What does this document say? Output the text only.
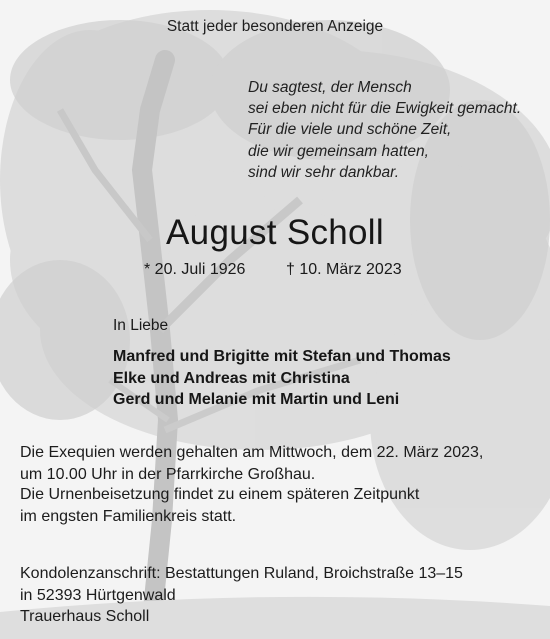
Statt jeder besonderen Anzeige
Du sagtest, der Mensch
sei eben nicht für die Ewigkeit gemacht.
Für die viele und schöne Zeit,
die wir gemeinsam hatten,
sind wir sehr dankbar.
August Scholl
* 20. Juli 1926	† 10. März 2023
In Liebe
Manfred und Brigitte mit Stefan und Thomas
Elke und Andreas mit Christina
Gerd und Melanie mit Martin und Leni
Die Exequien werden gehalten am Mittwoch, dem 22. März 2023,
um 10.00 Uhr in der Pfarrkirche Großhau.
Die Urnenbeisetzung findet zu einem späteren Zeitpunkt
im engsten Familienkreis statt.
Kondolenzanschrift: Bestattungen Ruland, Broichstraße 13–15
in 52393 Hürtgenwald
Trauerhaus Scholl
